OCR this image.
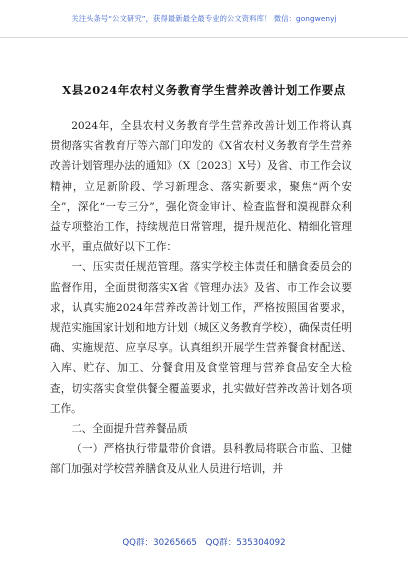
关注头条号“公文研究”，获得最新最全最专业的公文资料库！ 微信：gongwenyj
X县2024年农村义务教育学生营养改善计划工作要点

2024年，全县农村义务教育学生营养改善计划工作将认真贯彻落实省教育厅等六部门印发的《X省农村义务教育学生营养改善计划管理办法的通知》（X〔2023〕X号）及省、市工作会议精神，立足新阶段、学习新理念、落实新要求，聚焦“两个安全”，深化“一专三分”，强化资金审计、检查监督和漠视群众利益专项整治工作，持续规范日常管理，提升规范化、精细化管理水平，重点做好以下工作：

一、压实责任规范管理。落实学校主体责任和膳食委员会的监督作用，全面贯彻落实X省《管理办法》及省、市工作会议要求，认真实施2024年营养改善计划工作，严格按照国省要求，规范实施国家计划和地方计划（城区义务教育学校），确保责任明确、实施规范、应享尽享。认真组织开展学生营养餐食材配送、入库、贮存、加工、分餐食用及食堂管理与营养食品安全大检查，切实落实食堂供餐全覆盖要求，扎实做好营养改善计划各项工作。

二、全面提升营养餐品质

（一）严格执行带量带价食谱。县科教局将联合市监、卫健部门加强对学校营养膳食及从业人员进行培训，并

QQ群：30265665 QQ群：535304092
